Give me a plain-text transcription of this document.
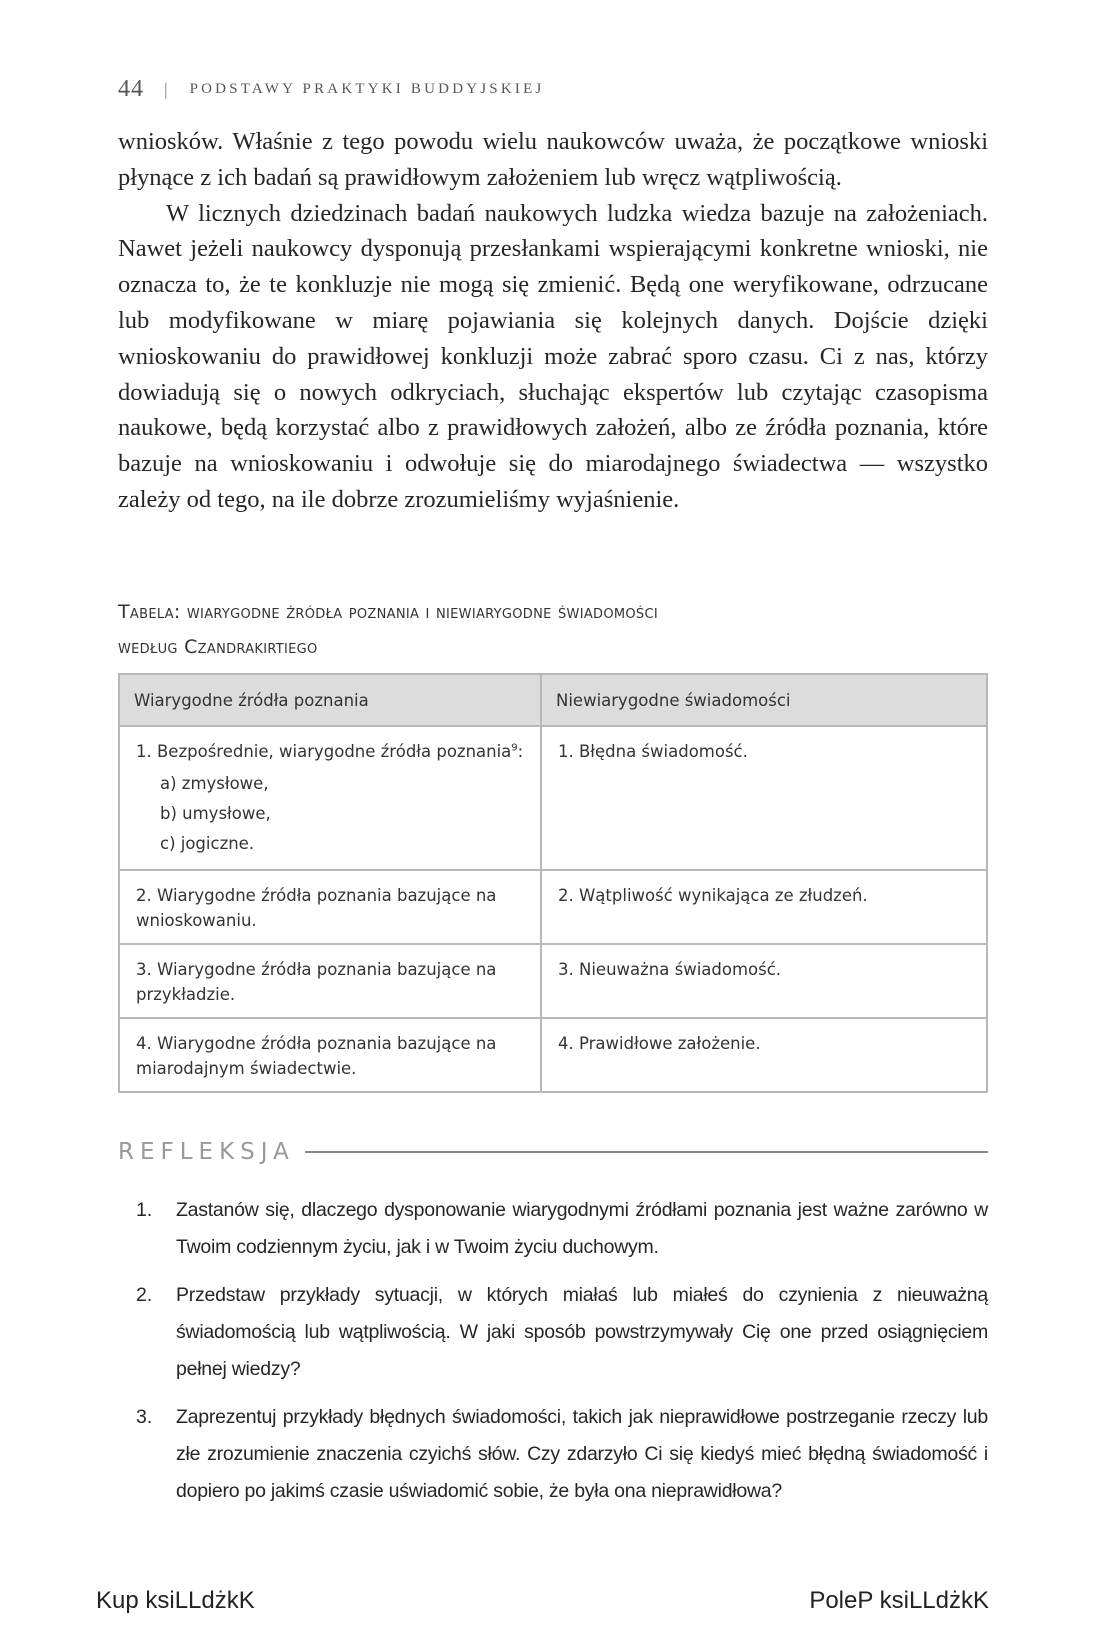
44 | PODSTAWY PRAKTYKI BUDDYJSKIEJ

wniosków. Właśnie z tego powodu wielu naukowców uważa, że początkowe wnioski płynące z ich badań są prawidłowym założeniem lub wręcz wątpliwością.

W licznych dziedzinach badań naukowych ludzka wiedza bazuje na założeniach. Nawet jeżeli naukowcy dysponują przesłankami wspierającymi konkretne wnioski, nie oznacza to, że te konkluzje nie mogą się zmienić. Będą one weryfikowane, odrzucane lub modyfikowane w miarę pojawiania się kolejnych danych. Dojście dzięki wnioskowaniu do prawidłowej konkluzji może zabrać sporo czasu. Ci z nas, którzy dowiadują się o nowych odkryciach, słuchając ekspertów lub czytając czasopisma naukowe, będą korzystać albo z prawidłowych założeń, albo ze źródła poznania, które bazuje na wnioskowaniu i odwołuje się do miarodajnego świadectwa — wszystko zależy od tego, na ile dobrze zrozumieliśmy wyjaśnienie.

Tabela: wiarygodne źródła poznania i niewiarygodne świadomości
według Czandrakirtiego
Wiarygodne źródła poznania	Niewiarygodne świadomości

1. Bezpośrednie, wiarygodne źródła poznania$^9$:
a) zmysłowe,
b) umysłowe,
c) jogiczne.	1. Błędna świadomość.
2. Wiarygodne źródła poznania bazujące na wnioskowaniu.	2. Wątpliwość wynikająca ze złudzeń.
3. Wiarygodne źródła poznania bazujące na przykładzie.	3. Nieuważna świadomość.
4. Wiarygodne źródła poznania bazujące na miarodajnym świadectwie.	4. Prawidłowe założenie.
REFLEKSJA
1.	Zastanów się, dlaczego dysponowanie wiarygodnymi źródłami poznania jest ważne zarówno w Twoim codziennym życiu, jak i w Twoim życiu duchowym.
2.	Przedstaw przykłady sytuacji, w których miałaś lub miałeś do czynienia z nieuważną świadomością lub wątpliwością. W jaki sposób powstrzymywały Cię one przed osiągnięciem pełnej wiedzy?
3.	Zaprezentuj przykłady błędnych świadomości, takich jak nieprawidłowe postrzeganie rzeczy lub złe zrozumienie znaczenia czyichś słów. Czy zdarzyło Ci się kiedyś mieć błędną świadomość i dopiero po jakimś czasie uświadomić sobie, że była ona nieprawidłowa?
Kup ksiLLdżkK	PoleP ksiLLdżkK
